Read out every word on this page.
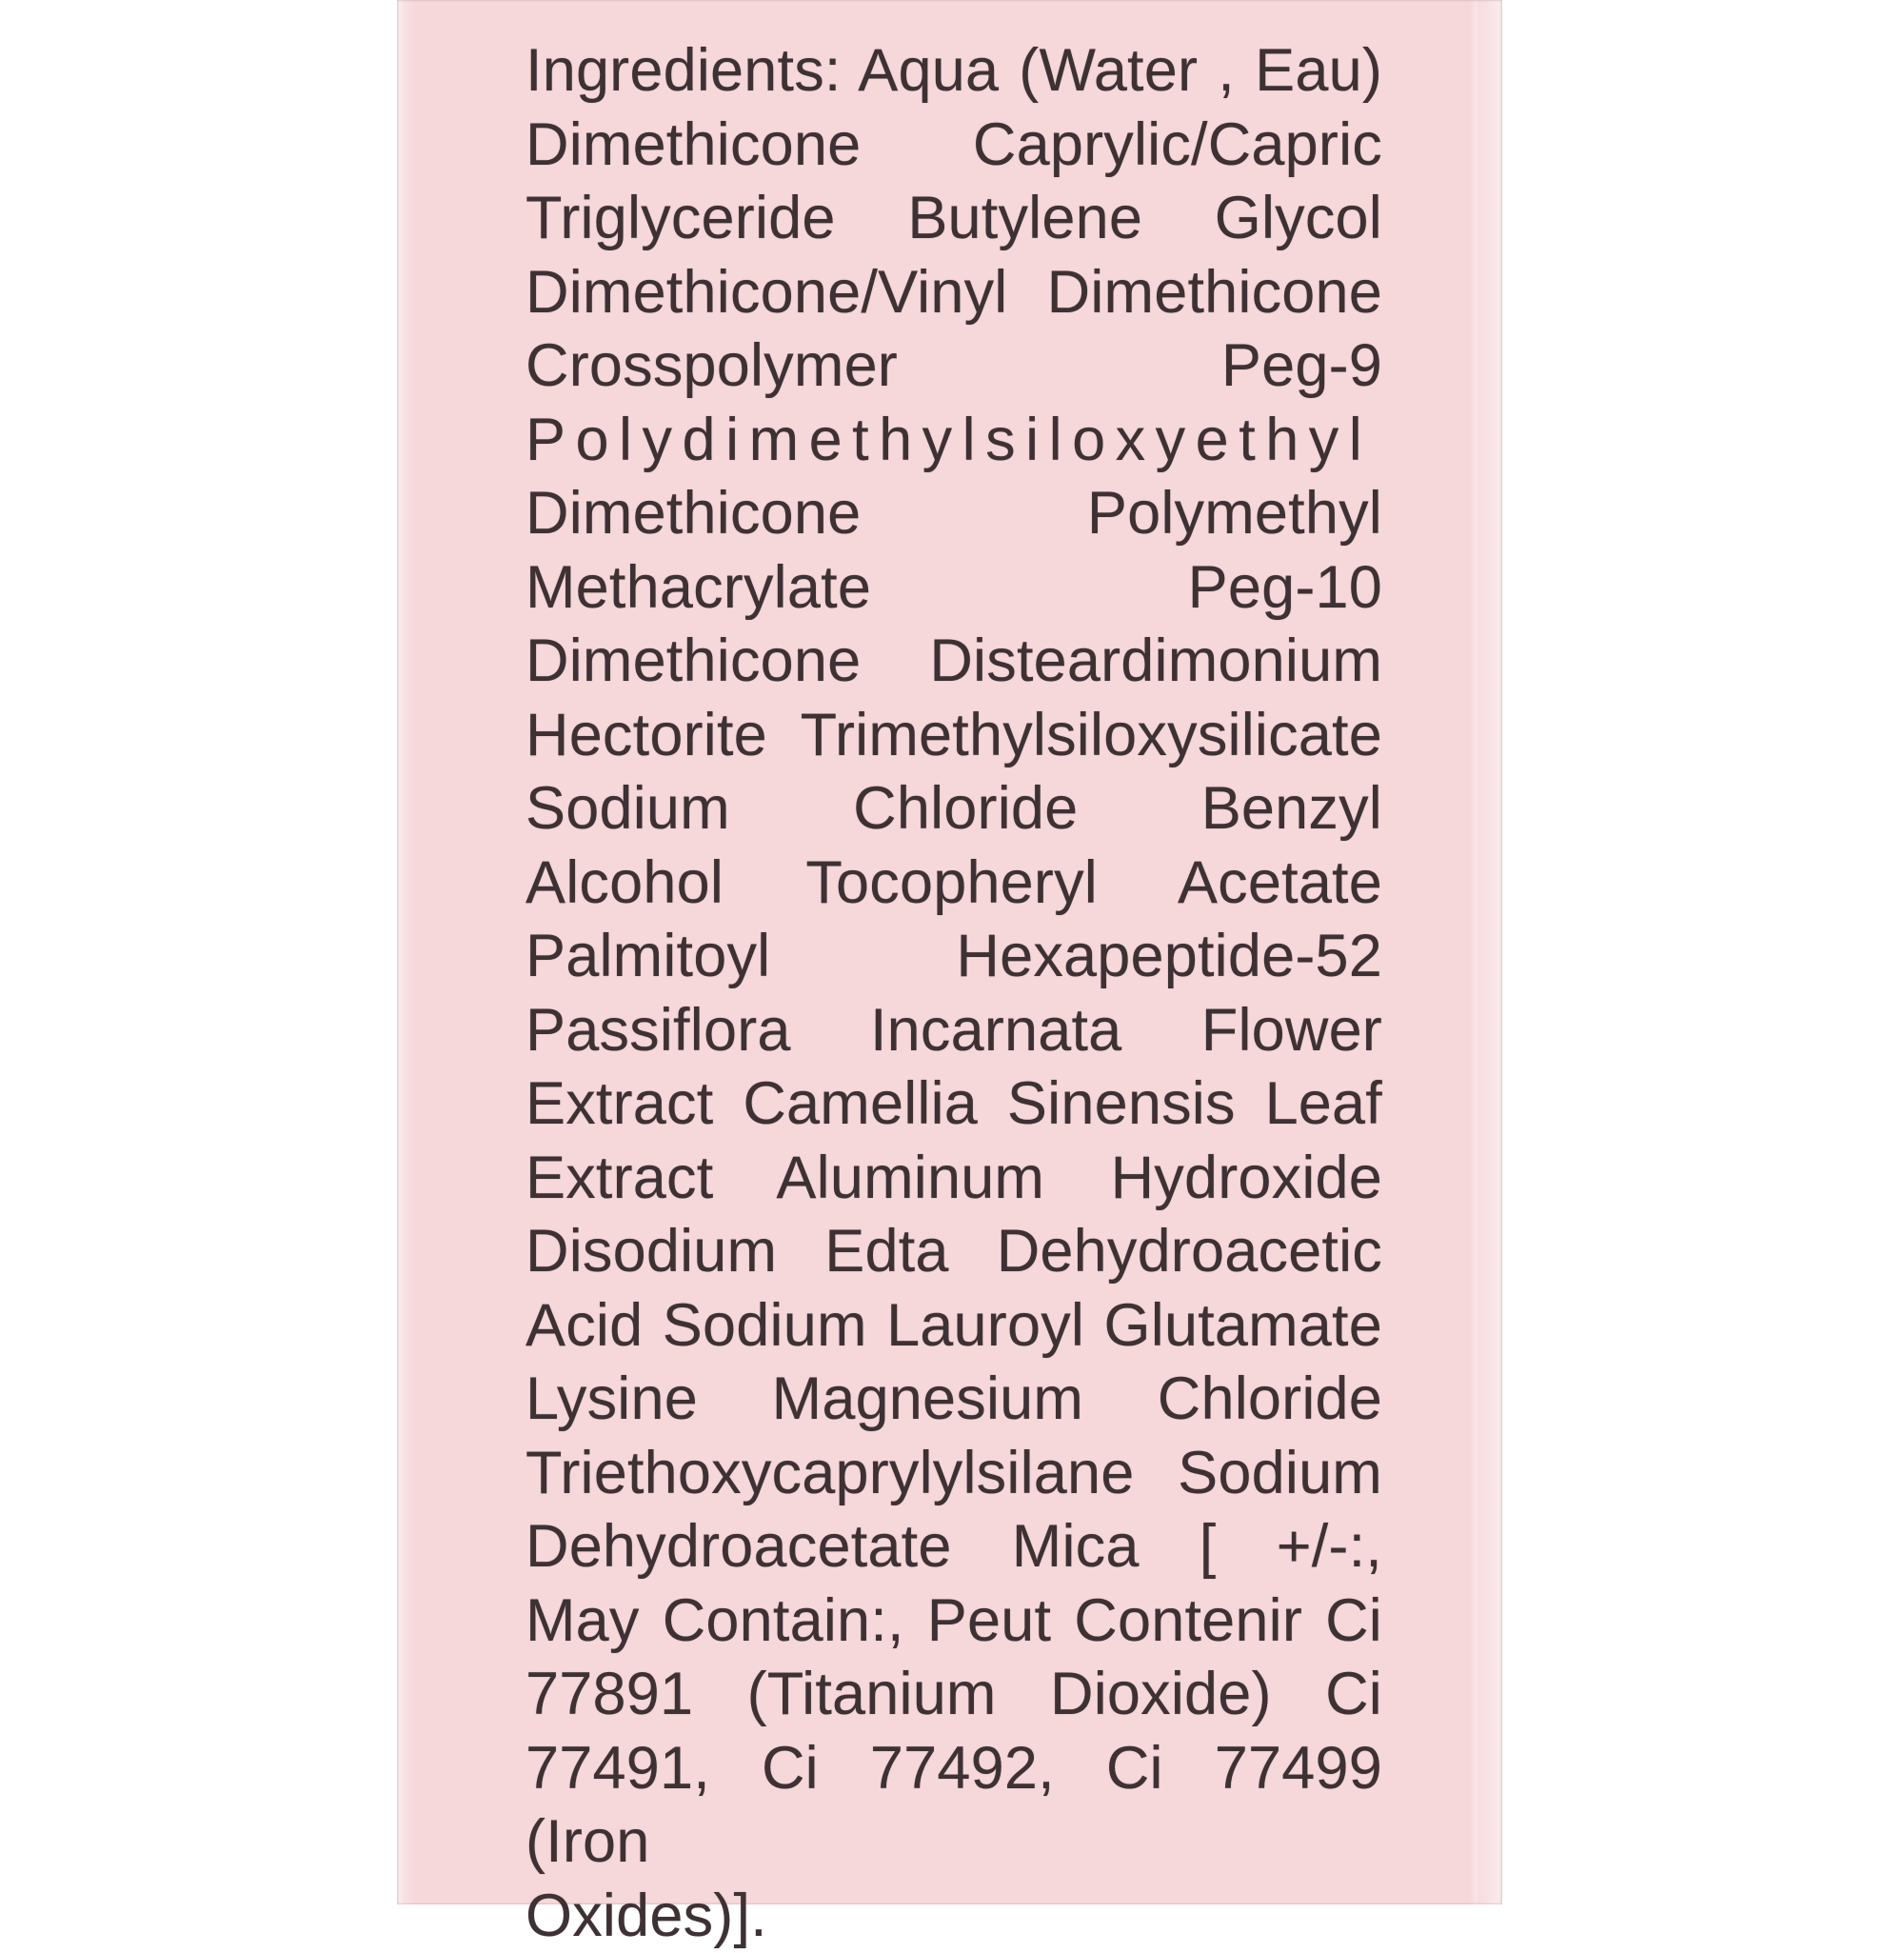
Ingredients: Aqua (Water , Eau)
Dimethicone Caprylic/Capric
Triglyceride Butylene Glycol
Dimethicone/Vinyl Dimethicone
Crosspolymer Peg-9
Polydimethylsiloxyethyl
Dimethicone Polymethyl
Methacrylate Peg-10
Dimethicone Disteardimonium
Hectorite Trimethylsiloxysilicate
Sodium Chloride Benzyl
Alcohol Tocopheryl Acetate
Palmitoyl Hexapeptide-52
Passiflora Incarnata Flower
Extract Camellia Sinensis Leaf
Extract Aluminum Hydroxide
Disodium Edta Dehydroacetic
Acid Sodium Lauroyl Glutamate
Lysine Magnesium Chloride
Triethoxycaprylylsilane Sodium
Dehydroacetate Mica [ +/-:,
May Contain:, Peut Contenir Ci
77891 (Titanium Dioxide) Ci
77491, Ci 77492, Ci 77499 (Iron
Oxides)].
